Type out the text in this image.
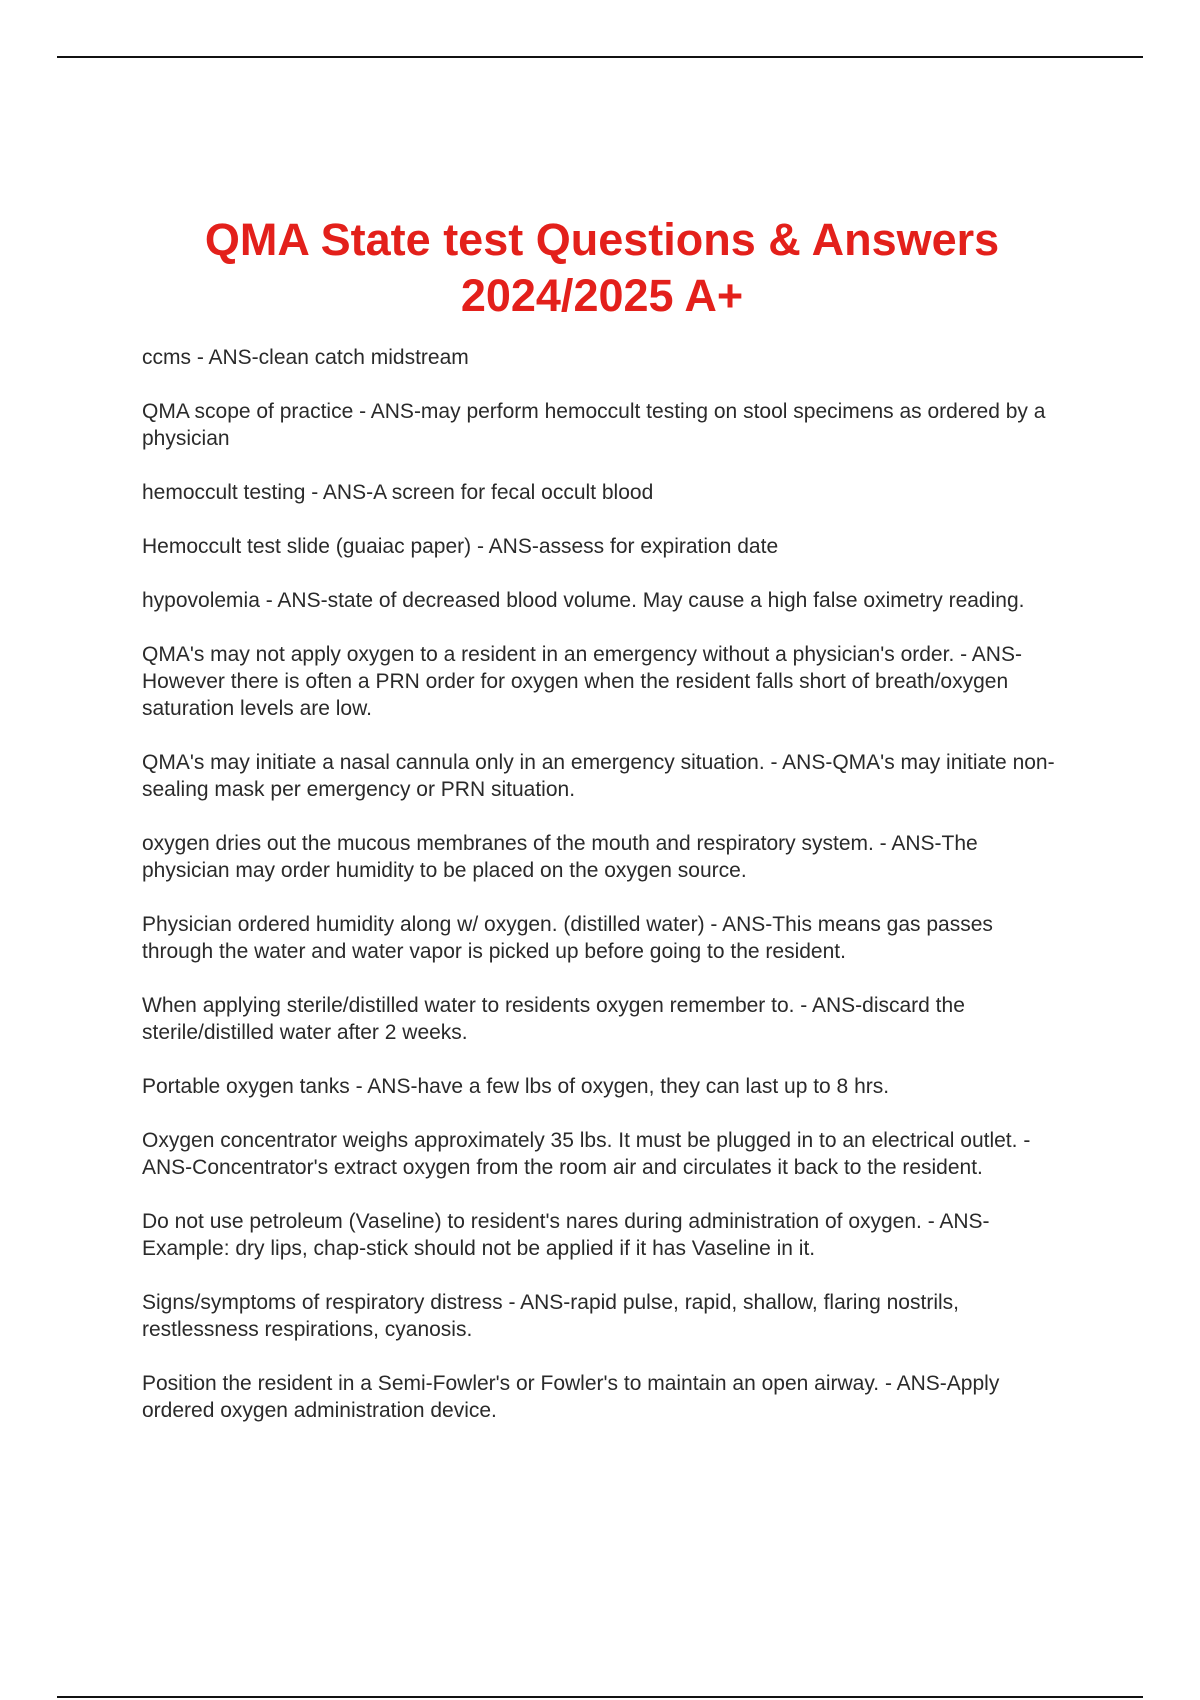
QMA State test Questions & Answers
2024/2025 A+
ccms - ANS-clean catch midstream
QMA scope of practice - ANS-may perform hemoccult testing on stool specimens as ordered by a physician
hemoccult testing - ANS-A screen for fecal occult blood
Hemoccult test slide (guaiac paper) - ANS-assess for expiration date
hypovolemia - ANS-state of decreased blood volume. May cause a high false oximetry reading.
QMA's may not apply oxygen to a resident in an emergency without a physician's order. - ANS-However there is often a PRN order for oxygen when the resident falls short of breath/oxygen saturation levels are low.
QMA's may initiate a nasal cannula only in an emergency situation. - ANS-QMA's may initiate non-sealing mask per emergency or PRN situation.
oxygen dries out the mucous membranes of the mouth and respiratory system. - ANS-The physician may order humidity to be placed on the oxygen source.
Physician ordered humidity along w/ oxygen. (distilled water) - ANS-This means gas passes through the water and water vapor is picked up before going to the resident.
When applying sterile/distilled water to residents oxygen remember to. - ANS-discard the sterile/distilled water after 2 weeks.
Portable oxygen tanks - ANS-have a few lbs of oxygen, they can last up to 8 hrs.
Oxygen concentrator weighs approximately 35 lbs. It must be plugged in to an electrical outlet. - ANS-Concentrator's extract oxygen from the room air and circulates it back to the resident.
Do not use petroleum (Vaseline) to resident's nares during administration of oxygen. - ANS-Example: dry lips, chap-stick should not be applied if it has Vaseline in it.
Signs/symptoms of respiratory distress - ANS-rapid pulse, rapid, shallow, flaring nostrils, restlessness respirations, cyanosis.
Position the resident in a Semi-Fowler's or Fowler's to maintain an open airway. - ANS-Apply ordered oxygen administration device.
